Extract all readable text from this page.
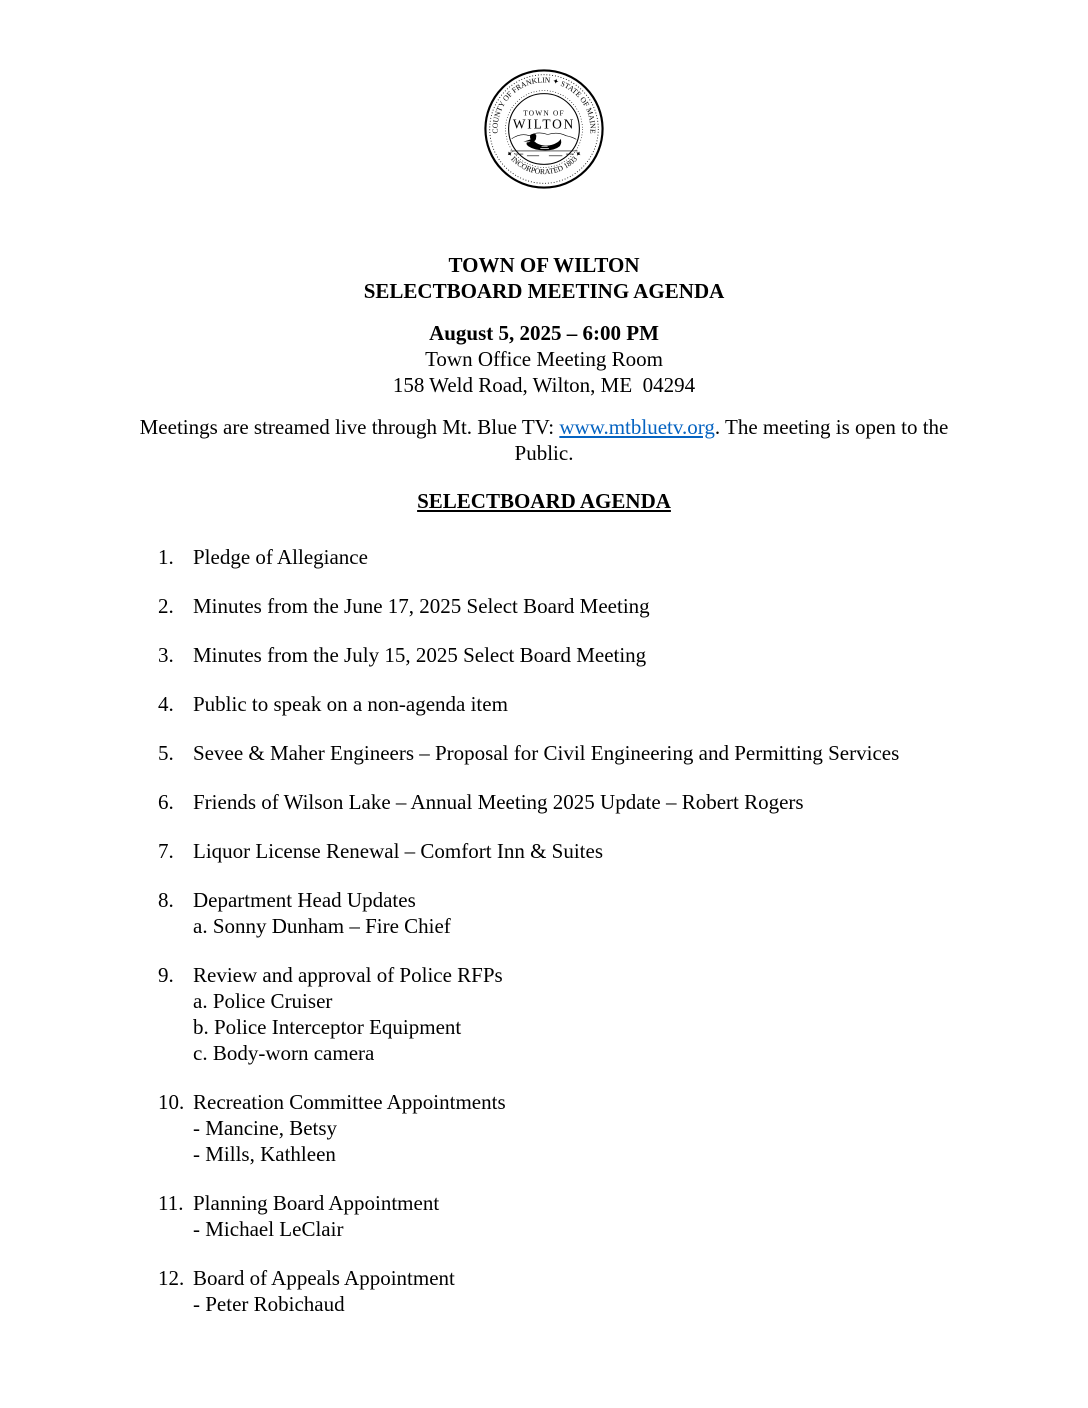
COUNTY OF FRANKLIN ✦ STATE OF MAINE
✦ INCORPORATED 1803 ✦
TOWN OF
WILTON
TOWN OF WILTON
SELECTBOARD MEETING AGENDA
August 5, 2025 – 6:00 PM
Town Office Meeting Room
158 Weld Road, Wilton, ME  04294
Meetings are streamed live through Mt. Blue TV: www.mtbluetv.org. The meeting is open to the Public.
SELECTBOARD AGENDA
1. Pledge of Allegiance
2. Minutes from the June 17, 2025 Select Board Meeting
3. Minutes from the July 15, 2025 Select Board Meeting
4. Public to speak on a non-agenda item
5. Sevee & Maher Engineers – Proposal for Civil Engineering and Permitting Services
6. Friends of Wilson Lake – Annual Meeting 2025 Update – Robert Rogers
7. Liquor License Renewal – Comfort Inn & Suites
8. Department Head Updates
a. Sonny Dunham – Fire Chief
9. Review and approval of Police RFPs
a. Police Cruiser
b. Police Interceptor Equipment
c. Body-worn camera
10. Recreation Committee Appointments
- Mancine, Betsy
- Mills, Kathleen
11. Planning Board Appointment
- Michael LeClair
12. Board of Appeals Appointment
- Peter Robichaud
